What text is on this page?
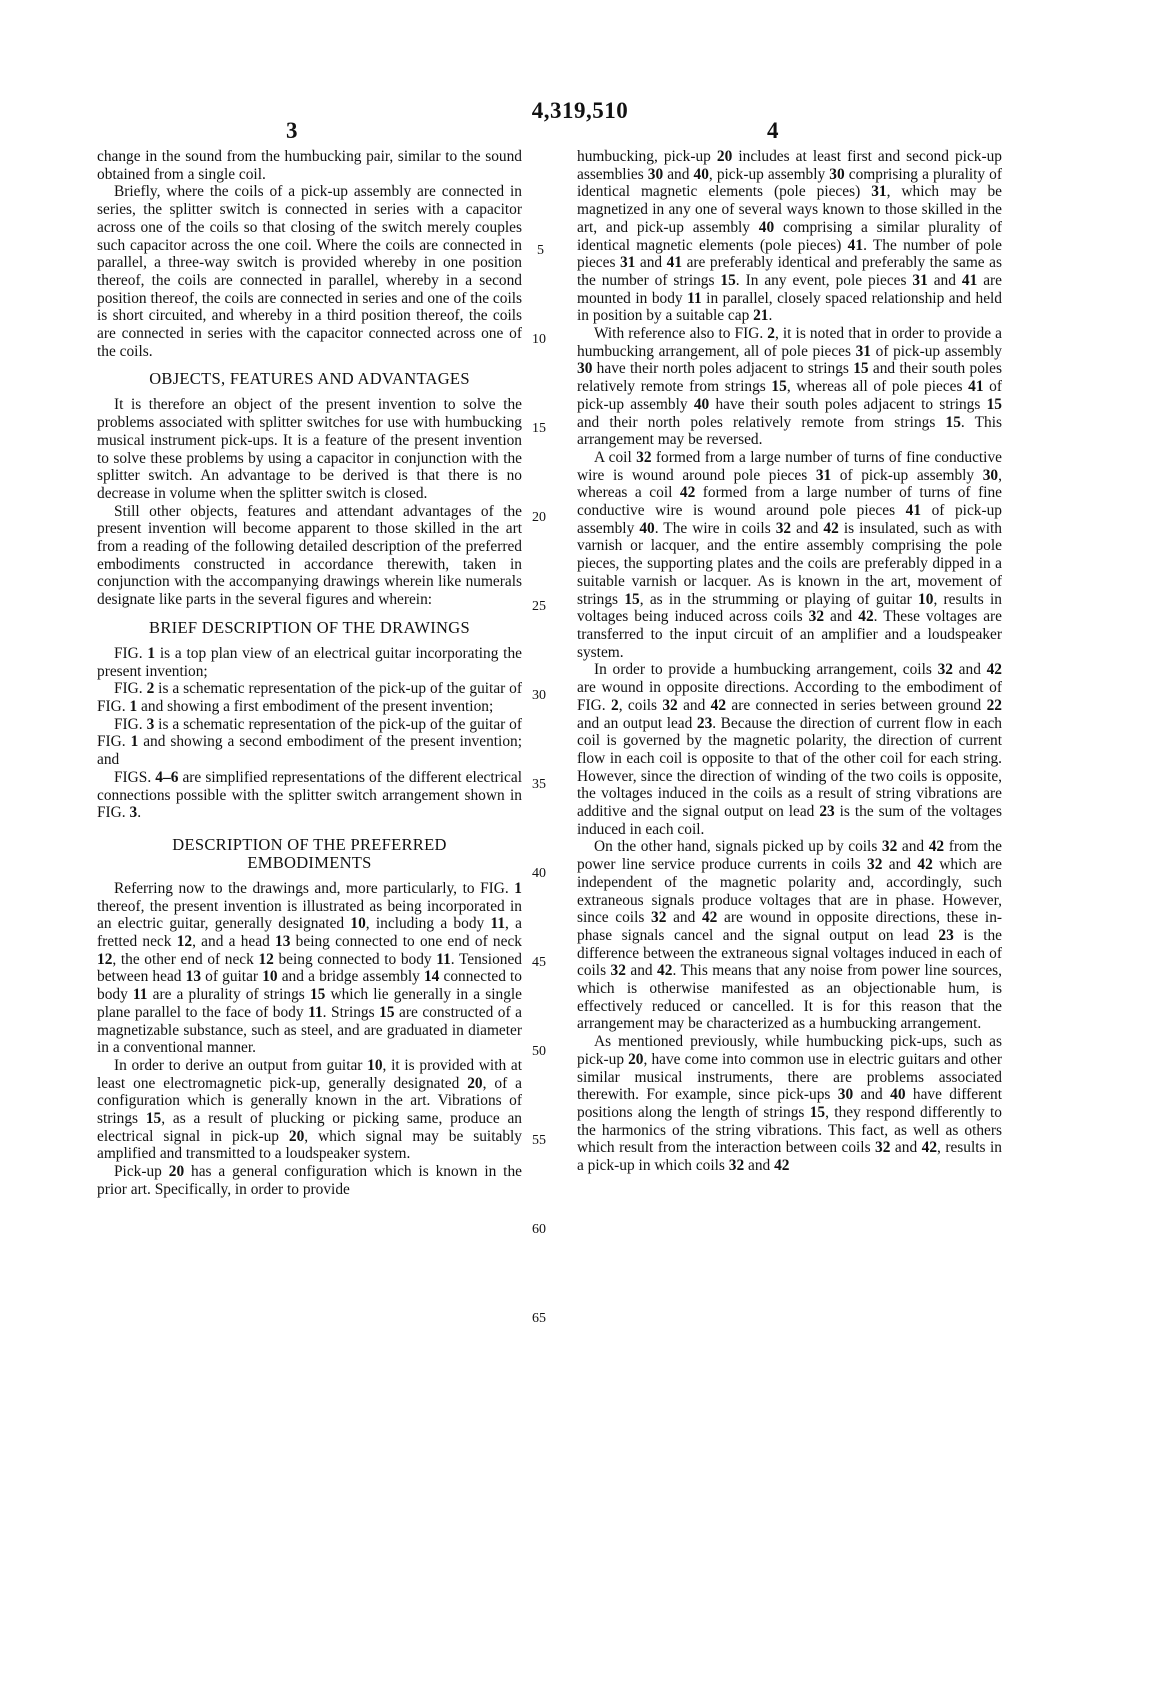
4,319,510
3	4

change in the sound from the humbucking pair, similar to the sound obtained from a single coil.

Briefly, where the coils of a pick-up assembly are connected in series, the splitter switch is connected in series with a capacitor across one of the coils so that closing of the switch merely couples such capacitor across the one coil. Where the coils are connected in parallel, a three-way switch is provided whereby in one position thereof, the coils are connected in parallel, whereby in a second position thereof, the coils are connected in series and one of the coils is short circuited, and whereby in a third position thereof, the coils are connected in series with the capacitor connected across one of the coils.

OBJECTS, FEATURES AND ADVANTAGES

It is therefore an object of the present invention to solve the problems associated with splitter switches for use with humbucking musical instrument pick-ups. It is a feature of the present invention to solve these problems by using a capacitor in conjunction with the splitter switch. An advantage to be derived is that there is no decrease in volume when the splitter switch is closed.

Still other objects, features and attendant advantages of the present invention will become apparent to those skilled in the art from a reading of the following detailed description of the preferred embodiments constructed in accordance therewith, taken in conjunction with the accompanying drawings wherein like numerals designate like parts in the several figures and wherein:

BRIEF DESCRIPTION OF THE DRAWINGS

FIG. 1 is a top plan view of an electrical guitar incorporating the present invention;

FIG. 2 is a schematic representation of the pick-up of the guitar of FIG. 1 and showing a first embodiment of the present invention;

FIG. 3 is a schematic representation of the pick-up of the guitar of FIG. 1 and showing a second embodiment of the present invention; and

FIGS. 4–6 are simplified representations of the different electrical connections possible with the splitter switch arrangement shown in FIG. 3.

DESCRIPTION OF THE PREFERRED
EMBODIMENTS

Referring now to the drawings and, more particularly, to FIG. 1 thereof, the present invention is illustrated as being incorporated in an electric guitar, generally designated 10, including a body 11, a fretted neck 12, and a head 13 being connected to one end of neck 12, the other end of neck 12 being connected to body 11. Tensioned between head 13 of guitar 10 and a bridge assembly 14 connected to body 11 are a plurality of strings 15 which lie generally in a single plane parallel to the face of body 11. Strings 15 are constructed of a magnetizable substance, such as steel, and are graduated in diameter in a conventional manner.

In order to derive an output from guitar 10, it is provided with at least one electromagnetic pick-up, generally designated 20, of a configuration which is generally known in the art. Vibrations of strings 15, as a result of plucking or picking same, produce an electrical signal in pick-up 20, which signal may be suitably amplified and transmitted to a loudspeaker system.

Pick-up 20 has a general configuration which is known in the prior art. Specifically, in order to provide

humbucking, pick-up 20 includes at least first and second pick-up assemblies 30 and 40, pick-up assembly 30 comprising a plurality of identical magnetic elements (pole pieces) 31, which may be magnetized in any one of several ways known to those skilled in the art, and pick-up assembly 40 comprising a similar plurality of identical magnetic elements (pole pieces) 41. The number of pole pieces 31 and 41 are preferably identical and preferably the same as the number of strings 15. In any event, pole pieces 31 and 41 are mounted in body 11 in parallel, closely spaced relationship and held in position by a suitable cap 21.

With reference also to FIG. 2, it is noted that in order to provide a humbucking arrangement, all of pole pieces 31 of pick-up assembly 30 have their north poles adjacent to strings 15 and their south poles relatively remote from strings 15, whereas all of pole pieces 41 of pick-up assembly 40 have their south poles adjacent to strings 15 and their north poles relatively remote from strings 15. This arrangement may be reversed.

A coil 32 formed from a large number of turns of fine conductive wire is wound around pole pieces 31 of pick-up assembly 30, whereas a coil 42 formed from a large number of turns of fine conductive wire is wound around pole pieces 41 of pick-up assembly 40. The wire in coils 32 and 42 is insulated, such as with varnish or lacquer, and the entire assembly comprising the pole pieces, the supporting plates and the coils are preferably dipped in a suitable varnish or lacquer. As is known in the art, movement of strings 15, as in the strumming or playing of guitar 10, results in voltages being induced across coils 32 and 42. These voltages are transferred to the input circuit of an amplifier and a loudspeaker system.

In order to provide a humbucking arrangement, coils 32 and 42 are wound in opposite directions. According to the embodiment of FIG. 2, coils 32 and 42 are connected in series between ground 22 and an output lead 23. Because the direction of current flow in each coil is governed by the magnetic polarity, the direction of current flow in each coil is opposite to that of the other coil for each string. However, since the direction of winding of the two coils is opposite, the voltages induced in the coils as a result of string vibrations are additive and the signal output on lead 23 is the sum of the voltages induced in each coil.

On the other hand, signals picked up by coils 32 and 42 from the power line service produce currents in coils 32 and 42 which are independent of the magnetic polarity and, accordingly, such extraneous signals produce voltages that are in phase. However, since coils 32 and 42 are wound in opposite directions, these in-phase signals cancel and the signal output on lead 23 is the difference between the extraneous signal voltages induced in each of coils 32 and 42. This means that any noise from power line sources, which is otherwise manifested as an objectionable hum, is effectively reduced or cancelled. It is for this reason that the arrangement may be characterized as a humbucking arrangement.

As mentioned previously, while humbucking pick-ups, such as pick-up 20, have come into common use in electric guitars and other similar musical instruments, there are problems associated therewith. For example, since pick-ups 30 and 40 have different positions along the length of strings 15, they respond differently to the harmonics of the string vibrations. This fact, as well as others which result from the interaction between coils 32 and 42, results in a pick-up in which coils 32 and 42

5
10
15
20
25
30
35
40
45
50
55
60
65
